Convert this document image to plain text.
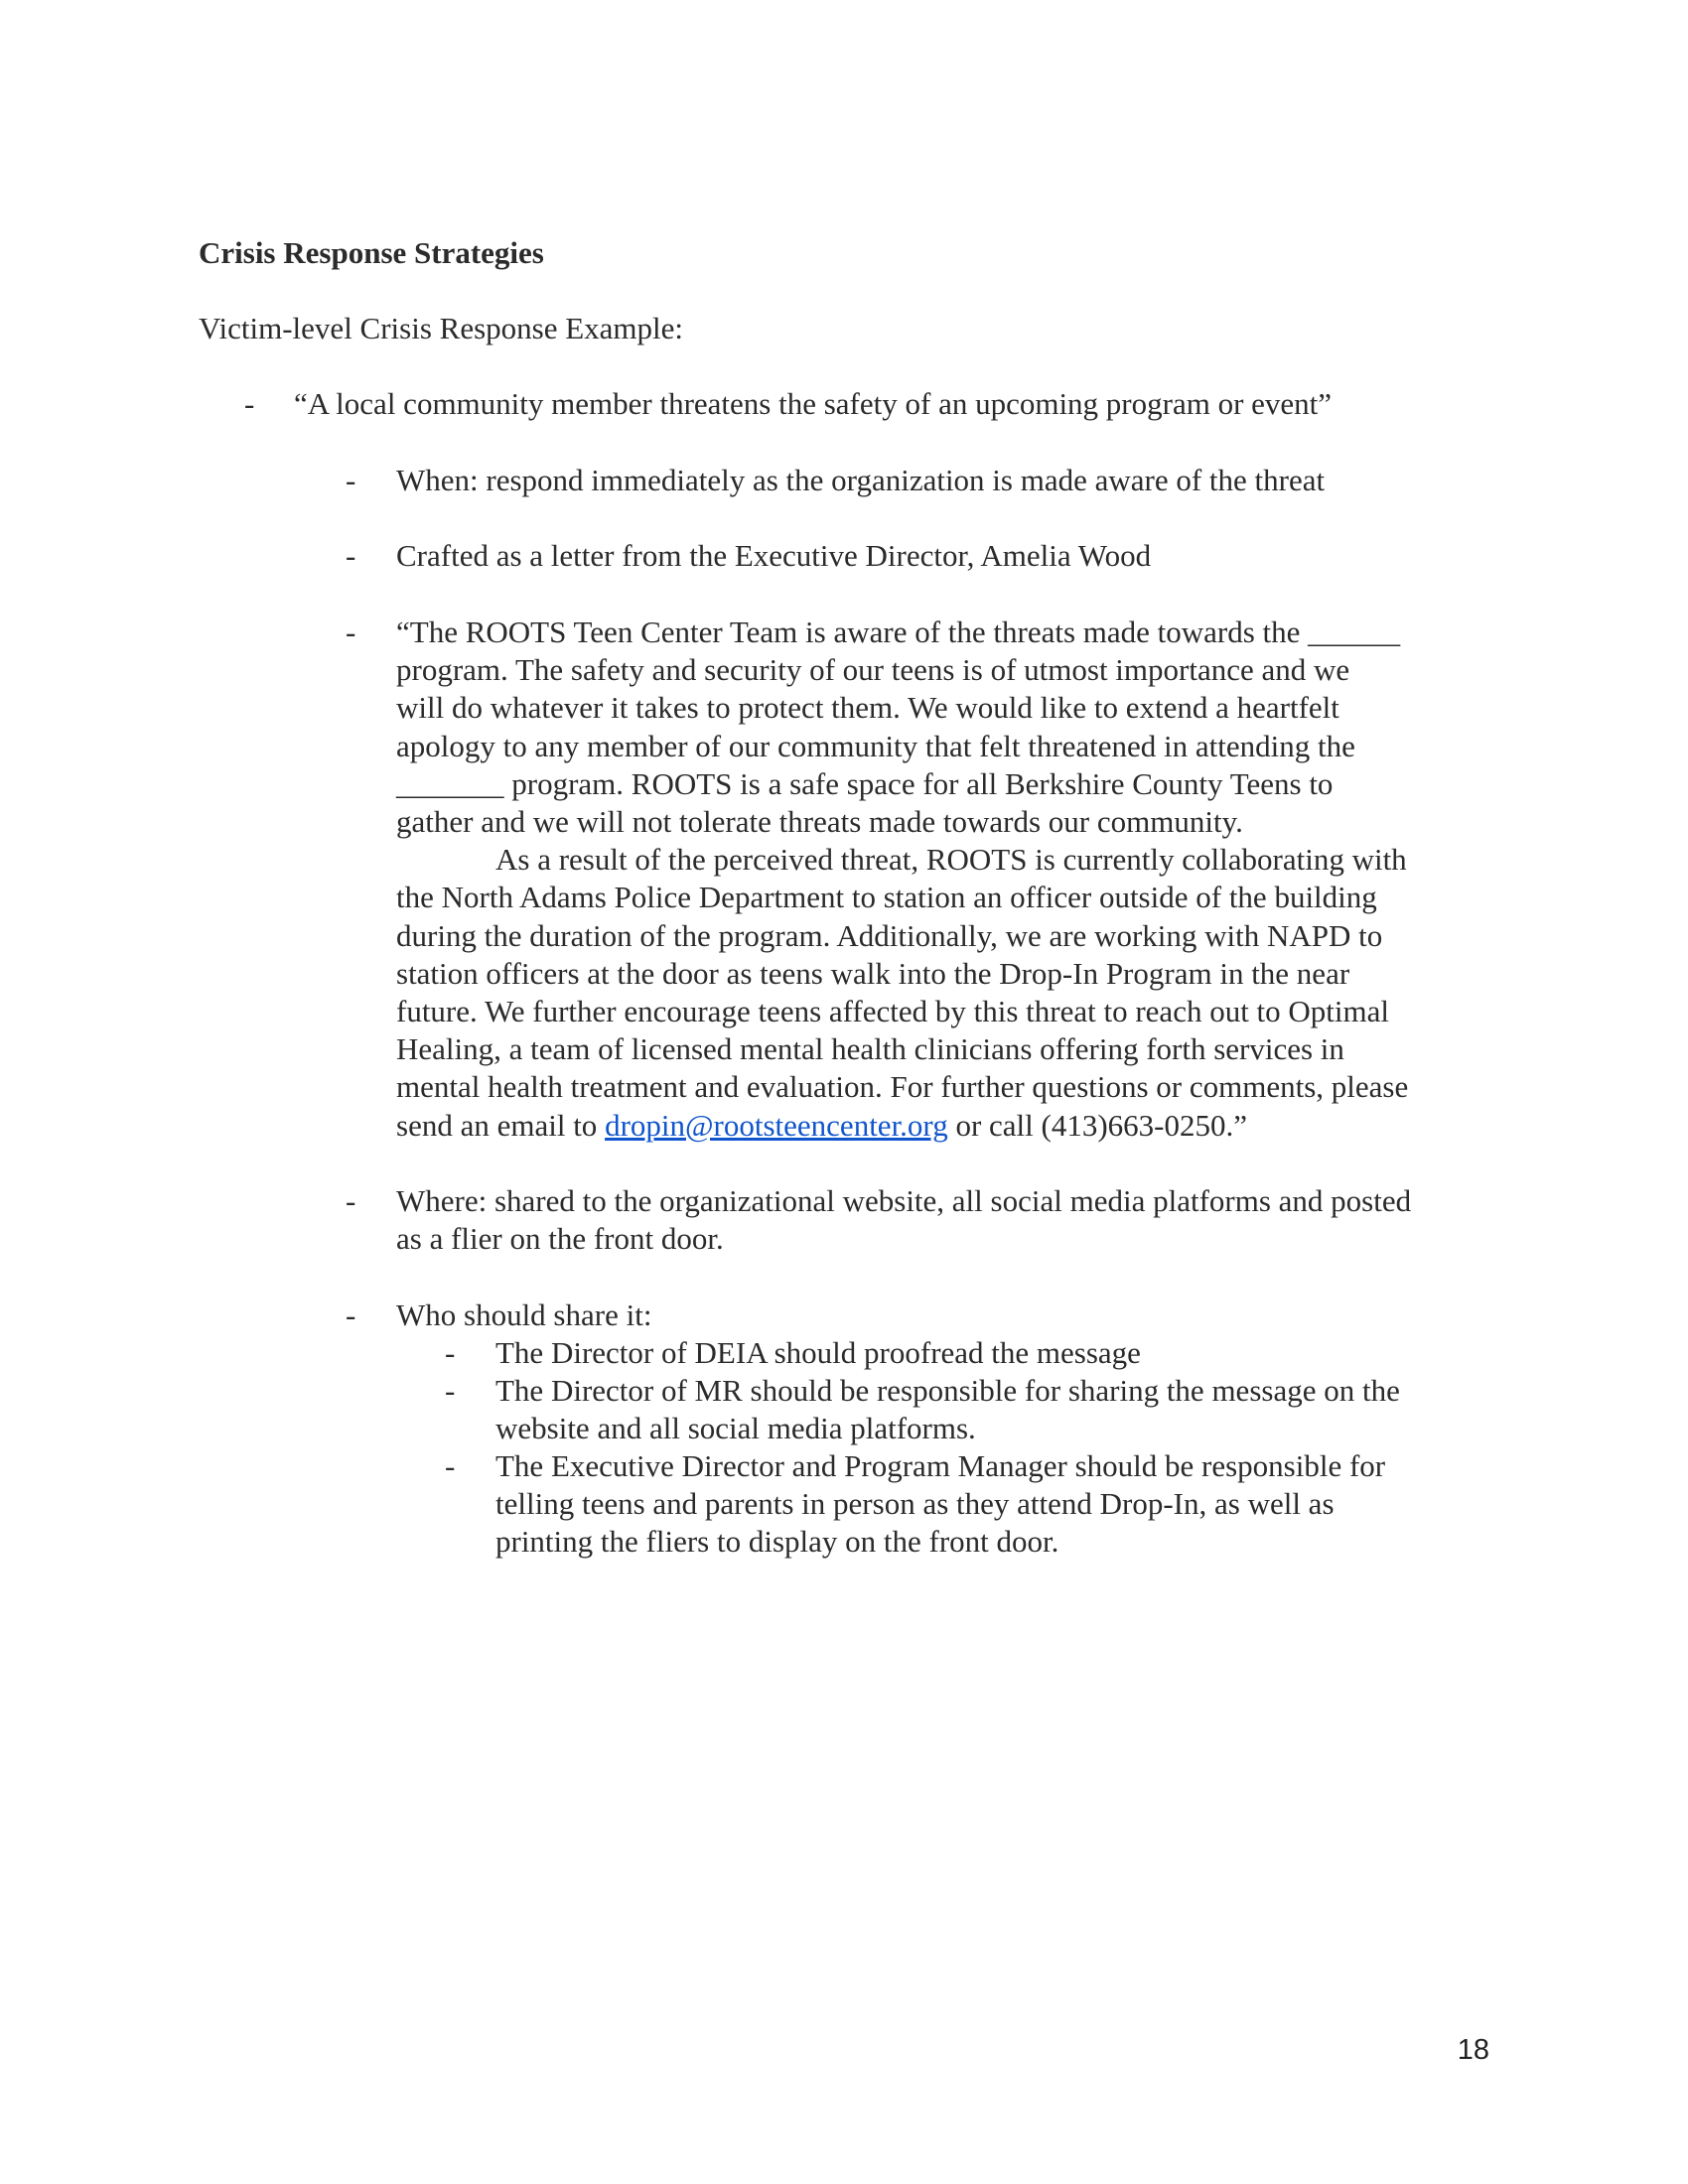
Crisis Response Strategies

Victim-level Crisis Response Example:

- “A local community member threatens the safety of an upcoming program or event”
- When: respond immediately as the organization is made aware of the threat
- Crafted as a letter from the Executive Director, Amelia Wood
- “The ROOTS Teen Center Team is aware of the threats made towards the ______
program. The safety and security of our teens is of utmost importance and we
will do whatever it takes to protect them. We would like to extend a heartfelt
apology to any member of our community that felt threatened in attending the
_______ program. ROOTS is a safe space for all Berkshire County Teens to
gather and we will not tolerate threats made towards our community.
As a result of the perceived threat, ROOTS is currently collaborating with
the North Adams Police Department to station an officer outside of the building
during the duration of the program. Additionally, we are working with NAPD to
station officers at the door as teens walk into the Drop-In Program in the near
future. We further encourage teens affected by this threat to reach out to Optimal
Healing, a team of licensed mental health clinicians offering forth services in
mental health treatment and evaluation. For further questions or comments, please
send an email to dropin@rootsteencenter.org or call (413)663-0250.”
- Where: shared to the organizational website, all social media platforms and posted
as a flier on the front door.
- Who should share it:
- The Director of DEIA should proofread the message
- The Director of MR should be responsible for sharing the message on the
website and all social media platforms.
- The Executive Director and Program Manager should be responsible for
telling teens and parents in person as they attend Drop-In, as well as
printing the fliers to display on the front door.
18
